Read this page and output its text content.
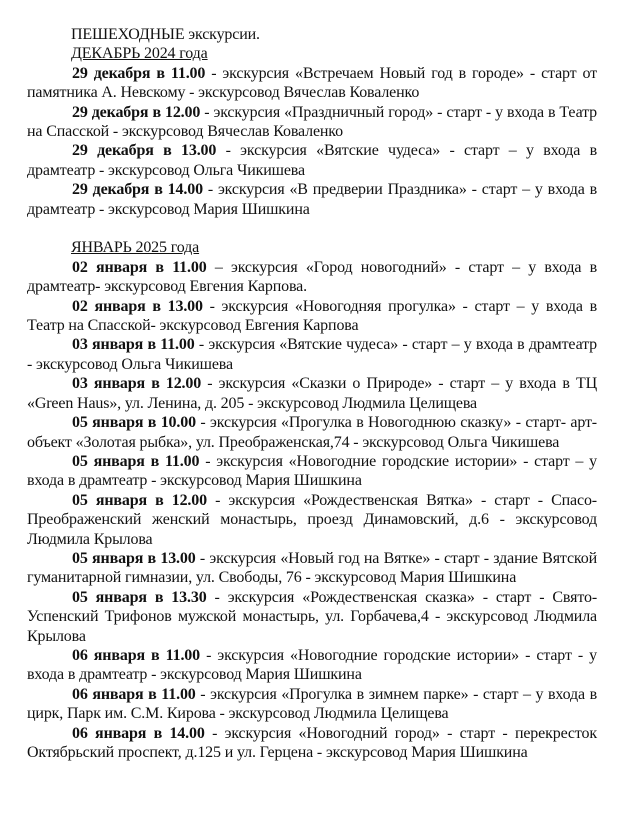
ПЕШЕХОДНЫЕ экскурсии.
ДЕКАБРЬ 2024 года

29 декабря в 11.00 - экскурсия «Встречаем Новый год в городе» - старт от памятника А. Невскому - экскурсовод Вячеслав Коваленко

29 декабря в 12.00 - экскурсия «Праздничный город» - старт - у входа в Театр на Спасской - экскурсовод Вячеслав Коваленко

29 декабря в 13.00 - экскурсия «Вятские чудеса» - старт – у входа в драмтеатр - экскурсовод Ольга Чикишева

29 декабря в 14.00 - экскурсия «В предверии Праздника» - старт – у входа в драмтеатр - экскурсовод Мария Шишкина

ЯНВАРЬ 2025 года

02 января в 11.00 – экскурсия «Город новогодний» - старт – у входа в драмтеатр- экскурсовод Евгения Карпова.

02 января в 13.00 - экскурсия «Новогодняя прогулка» - старт – у входа в Театр на Спасской- экскурсовод Евгения Карпова

03 января в 11.00 - экскурсия «Вятские чудеса» - старт – у входа в драмтеатр - экскурсовод Ольга Чикишева

03 января в 12.00 - экскурсия «Сказки о Природе» - старт – у входа в ТЦ «Green Haus», ул. Ленина, д. 205 - экскурсовод Людмила Целищева

05 января в 10.00 - экскурсия «Прогулка в Новогоднюю сказку» - старт- арт-объект «Золотая рыбка», ул. Преображенская,74 - экскурсовод Ольга Чикишева

05 января в 11.00 - экскурсия «Новогодние городские истории» - старт – у входа в драмтеатр - экскурсовод Мария Шишкина

05 января в 12.00 - экскурсия «Рождественская Вятка» - старт - Спасо-Преображенский женский монастырь, проезд Динамовский, д.6 - экскурсовод Людмила Крылова

05 января в 13.00 - экскурсия «Новый год на Вятке» - старт - здание Вятской гуманитарной гимназии, ул. Свободы, 76 - экскурсовод Мария Шишкина

05 января в 13.30 - экскурсия «Рождественская сказка» - старт - Свято-Успенский Трифонов мужской монастырь, ул. Горбачева,4 - экскурсовод Людмила Крылова

06 января в 11.00 - экскурсия «Новогодние городские истории» - старт - у входа в драмтеатр - экскурсовод Мария Шишкина

06 января в 11.00 - экскурсия «Прогулка в зимнем парке» - старт – у входа в цирк, Парк им. С.М. Кирова - экскурсовод Людмила Целищева

06 января в 14.00 - экскурсия «Новогодний город» - старт - перекресток Октябрьский проспект, д.125 и ул. Герцена - экскурсовод Мария Шишкина
